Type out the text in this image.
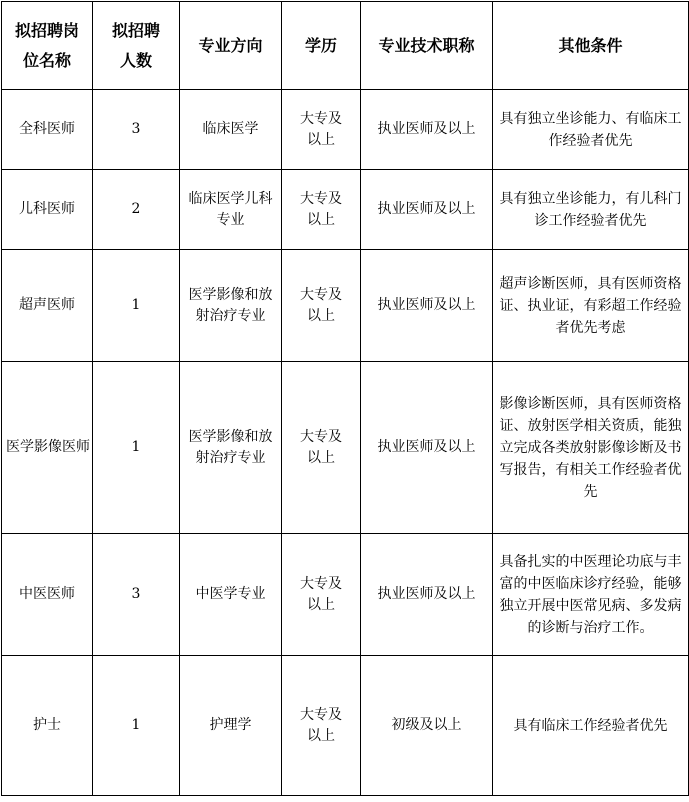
拟招聘岗位名称	拟招聘人数	专业方向	学历	专业技术职称	其他条件
全科医师	3	临床医学	大专及以上	执业医师及以上	具有独立坐诊能力、有临床工作经验者优先
儿科医师	2	临床医学儿科专业	大专及以上	执业医师及以上	具有独立坐诊能力，有儿科门诊工作经验者优先
超声医师	1	医学影像和放射治疗专业	大专及以上	执业医师及以上	超声诊断医师，具有医师资格证、执业证，有彩超工作经验者优先考虑
医学影像医师	1	医学影像和放射治疗专业	大专及以上	执业医师及以上	影像诊断医师，具有医师资格证、放射医学相关资质，能独立完成各类放射影像诊断及书写报告，有相关工作经验者优先
中医医师	3	中医学专业	大专及以上	执业医师及以上	具备扎实的中医理论功底与丰富的中医临床诊疗经验，能够独立开展中医常见病、多发病的诊断与治疗工作。
护士	1	护理学	大专及以上	初级及以上	具有临床工作经验者优先
